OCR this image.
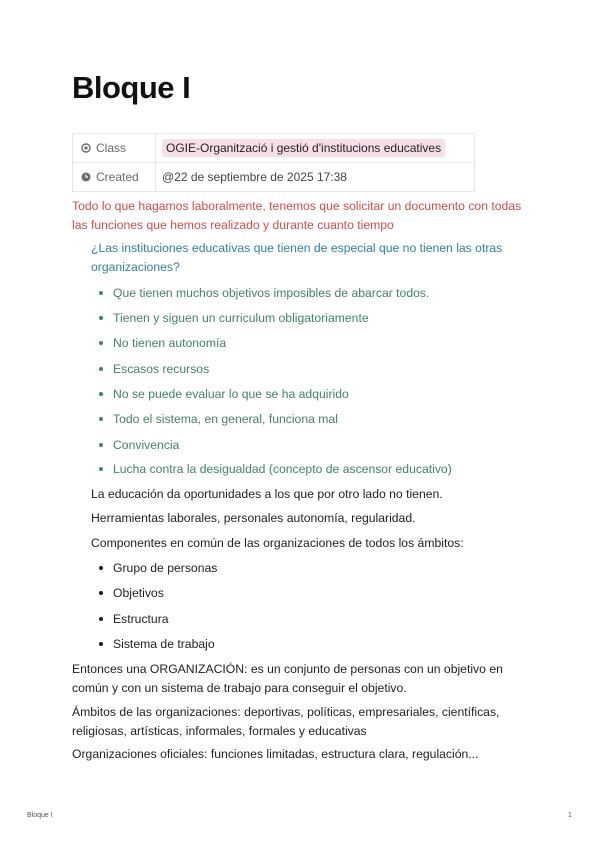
Bloque I
Class	OGIE-Organització i gestió d'institucions educatives
Created	@22 de septiembre de 2025 17:38

Todo lo que hagamos laboralmente, tenemos que solicitar un documento con todas las funciones que hemos realizado y durante cuanto tiempo

¿Las instituciones educativas que tienen de especial que no tienen las otras organizaciones?

Que tienen muchos objetivos imposibles de abarcar todos.
Tienen y siguen un curriculum obligatoriamente
No tienen autonomía
Escasos recursos
No se puede evaluar lo que se ha adquirido
Todo el sistema, en general, funciona mal
Convivencia
Lucha contra la desigualdad (concepto de ascensor educativo)

La educación da oportunidades a los que por otro lado no tienen.

Herramientas laborales, personales autonomía, regularidad.

Componentes en común de las organizaciones de todos los ámbitos:

Grupo de personas
Objetivos
Estructura
Sistema de trabajo

Entonces una ORGANIZACIÓN: es un conjunto de personas con un objetivo en común y con un sistema de trabajo para conseguir el objetivo.

Ámbitos de las organizaciones: deportivas, políticas, empresariales, científicas, religiosas, artísticas, informales, formales y educativas

Organizaciones oficiales: funciones limitadas, estructura clara, regulación...

Bloque I	1
